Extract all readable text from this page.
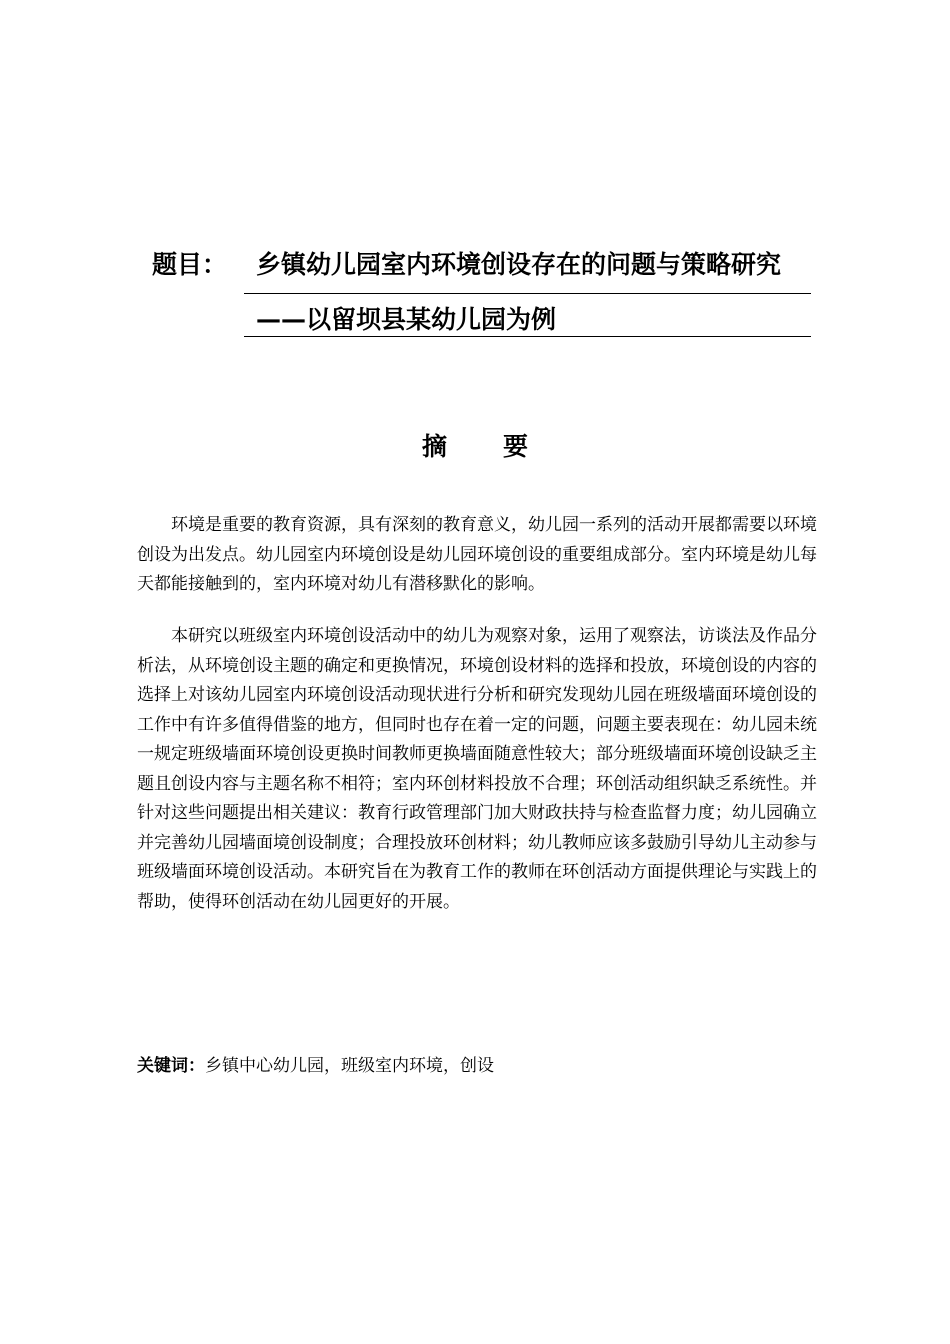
题目：	乡镇幼儿园室内环境创设存在的问题与策略研究
——以留坝县某幼儿园为例
摘要

环境是重要的教育资源，具有深刻的教育意义，幼儿园一系列的活动开展都需要以环境创设为出发点。幼儿园室内环境创设是幼儿园环境创设的重要组成部分。室内环境是幼儿每天都能接触到的，室内环境对幼儿有潜移默化的影响。

本研究以班级室内环境创设活动中的幼儿为观察对象，运用了观察法，访谈法及作品分析法，从环境创设主题的确定和更换情况，环境创设材料的选择和投放，环境创设的内容的选择上对该幼儿园室内环境创设活动现状进行分析和研究发现幼儿园在班级墙面环境创设的工作中有许多值得借鉴的地方，但同时也存在着一定的问题，问题主要表现在：幼儿园未统一规定班级墙面环境创设更换时间教师更换墙面随意性较大；部分班级墙面环境创设缺乏主题且创设内容与主题名称不相符；室内环创材料投放不合理；环创活动组织缺乏系统性。并针对这些问题提出相关建议：教育行政管理部门加大财政扶持与检查监督力度；幼儿园确立并完善幼儿园墙面境创设制度；合理投放环创材料；幼儿教师应该多鼓励引导幼儿主动参与班级墙面环境创设活动。本研究旨在为教育工作的教师在环创活动方面提供理论与实践上的帮助，使得环创活动在幼儿园更好的开展。

关键词：乡镇中心幼儿园，班级室内环境，创设
